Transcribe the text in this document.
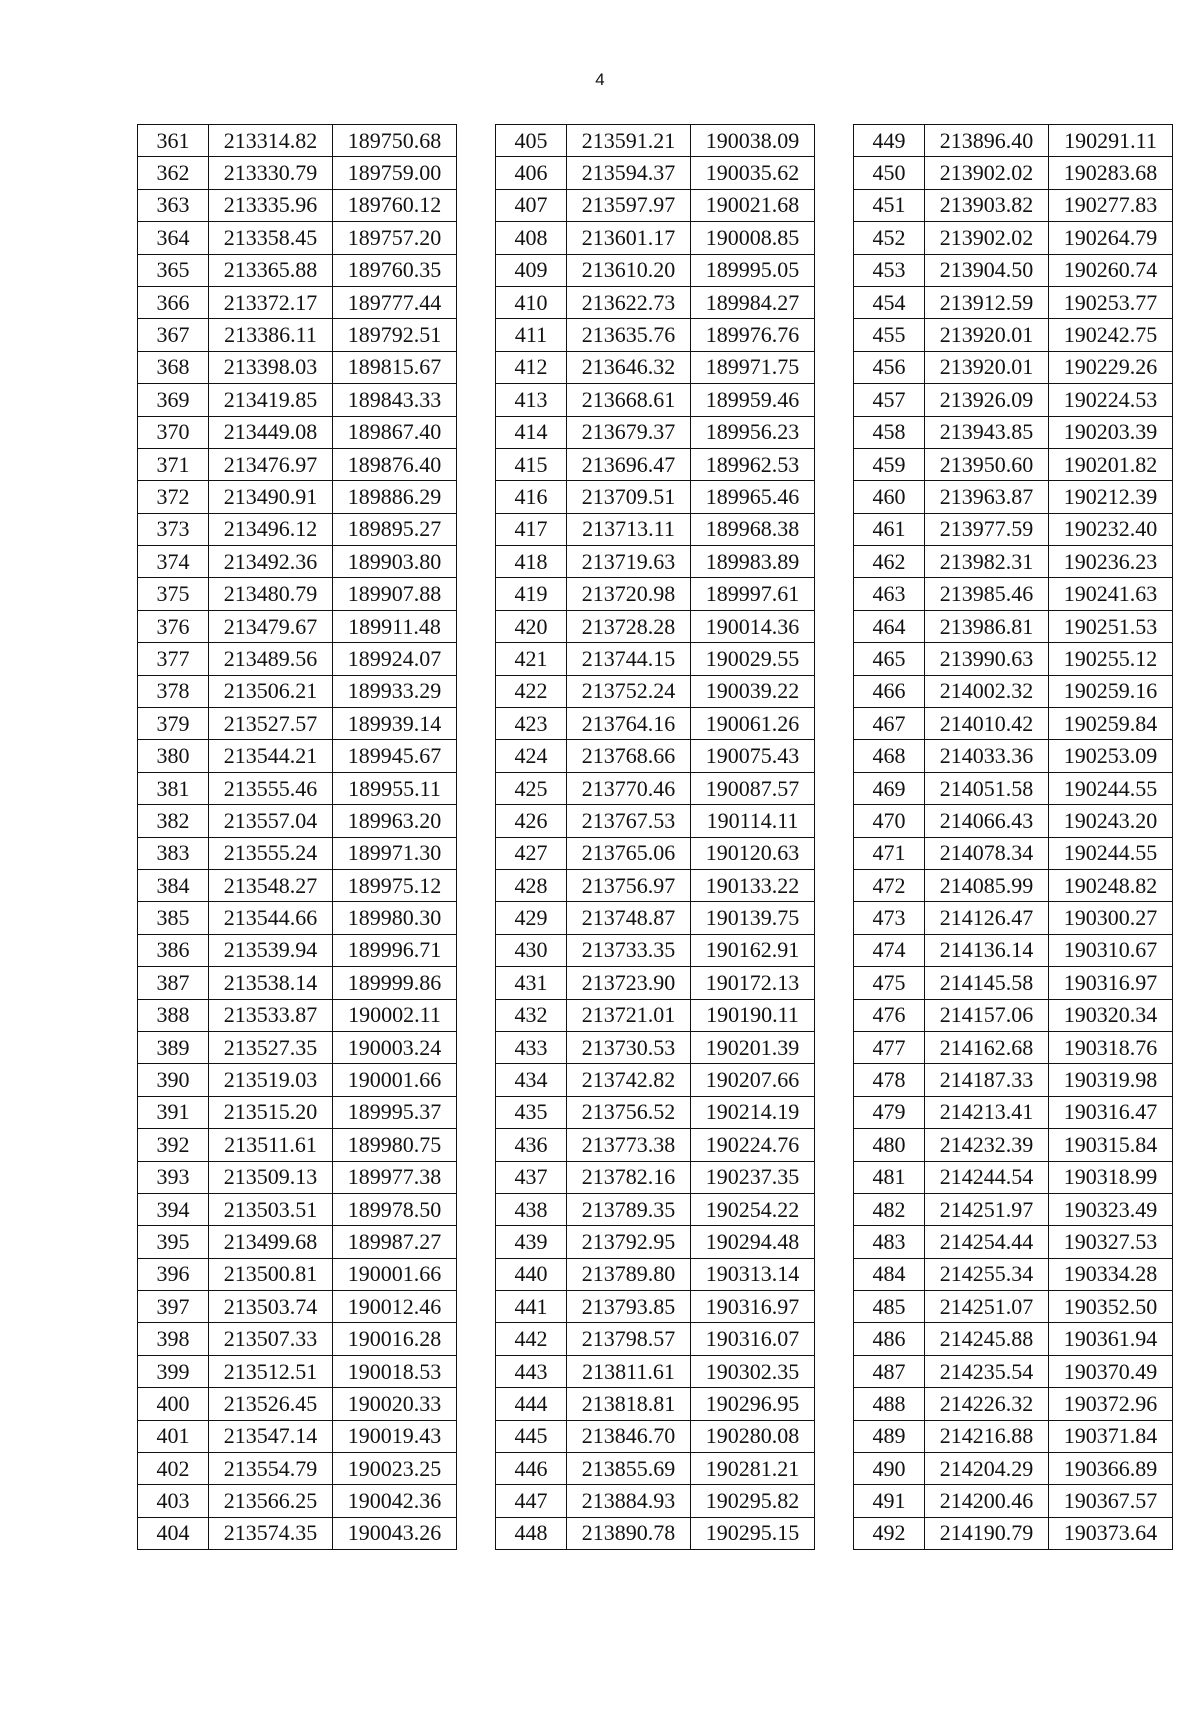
4
361	213314.82	189750.68
362	213330.79	189759.00
363	213335.96	189760.12
364	213358.45	189757.20
365	213365.88	189760.35
366	213372.17	189777.44
367	213386.11	189792.51
368	213398.03	189815.67
369	213419.85	189843.33
370	213449.08	189867.40
371	213476.97	189876.40
372	213490.91	189886.29
373	213496.12	189895.27
374	213492.36	189903.80
375	213480.79	189907.88
376	213479.67	189911.48
377	213489.56	189924.07
378	213506.21	189933.29
379	213527.57	189939.14
380	213544.21	189945.67
381	213555.46	189955.11
382	213557.04	189963.20
383	213555.24	189971.30
384	213548.27	189975.12
385	213544.66	189980.30
386	213539.94	189996.71
387	213538.14	189999.86
388	213533.87	190002.11
389	213527.35	190003.24
390	213519.03	190001.66
391	213515.20	189995.37
392	213511.61	189980.75
393	213509.13	189977.38
394	213503.51	189978.50
395	213499.68	189987.27
396	213500.81	190001.66
397	213503.74	190012.46
398	213507.33	190016.28
399	213512.51	190018.53
400	213526.45	190020.33
401	213547.14	190019.43
402	213554.79	190023.25
403	213566.25	190042.36
404	213574.35	190043.26
405	213591.21	190038.09
406	213594.37	190035.62
407	213597.97	190021.68
408	213601.17	190008.85
409	213610.20	189995.05
410	213622.73	189984.27
411	213635.76	189976.76
412	213646.32	189971.75
413	213668.61	189959.46
414	213679.37	189956.23
415	213696.47	189962.53
416	213709.51	189965.46
417	213713.11	189968.38
418	213719.63	189983.89
419	213720.98	189997.61
420	213728.28	190014.36
421	213744.15	190029.55
422	213752.24	190039.22
423	213764.16	190061.26
424	213768.66	190075.43
425	213770.46	190087.57
426	213767.53	190114.11
427	213765.06	190120.63
428	213756.97	190133.22
429	213748.87	190139.75
430	213733.35	190162.91
431	213723.90	190172.13
432	213721.01	190190.11
433	213730.53	190201.39
434	213742.82	190207.66
435	213756.52	190214.19
436	213773.38	190224.76
437	213782.16	190237.35
438	213789.35	190254.22
439	213792.95	190294.48
440	213789.80	190313.14
441	213793.85	190316.97
442	213798.57	190316.07
443	213811.61	190302.35
444	213818.81	190296.95
445	213846.70	190280.08
446	213855.69	190281.21
447	213884.93	190295.82
448	213890.78	190295.15
449	213896.40	190291.11
450	213902.02	190283.68
451	213903.82	190277.83
452	213902.02	190264.79
453	213904.50	190260.74
454	213912.59	190253.77
455	213920.01	190242.75
456	213920.01	190229.26
457	213926.09	190224.53
458	213943.85	190203.39
459	213950.60	190201.82
460	213963.87	190212.39
461	213977.59	190232.40
462	213982.31	190236.23
463	213985.46	190241.63
464	213986.81	190251.53
465	213990.63	190255.12
466	214002.32	190259.16
467	214010.42	190259.84
468	214033.36	190253.09
469	214051.58	190244.55
470	214066.43	190243.20
471	214078.34	190244.55
472	214085.99	190248.82
473	214126.47	190300.27
474	214136.14	190310.67
475	214145.58	190316.97
476	214157.06	190320.34
477	214162.68	190318.76
478	214187.33	190319.98
479	214213.41	190316.47
480	214232.39	190315.84
481	214244.54	190318.99
482	214251.97	190323.49
483	214254.44	190327.53
484	214255.34	190334.28
485	214251.07	190352.50
486	214245.88	190361.94
487	214235.54	190370.49
488	214226.32	190372.96
489	214216.88	190371.84
490	214204.29	190366.89
491	214200.46	190367.57
492	214190.79	190373.64
